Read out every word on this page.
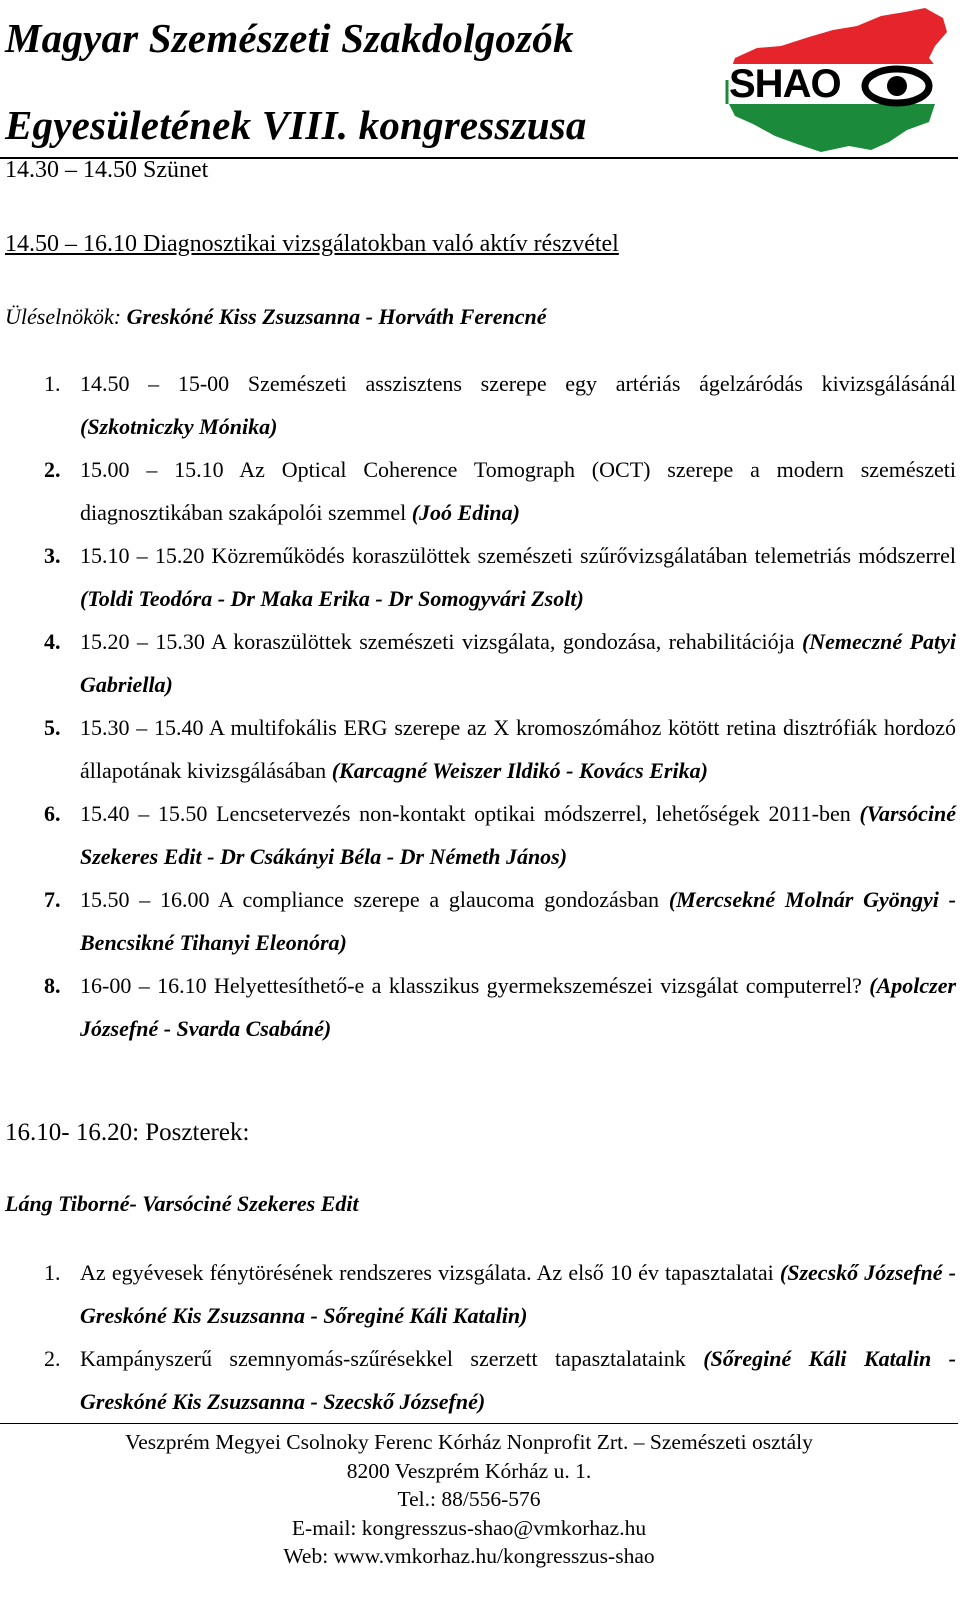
Magyar Szemészeti Szakdolgozók
Egyesületének VIII. kongresszusa
SHAO
14.30 – 14.50 Szünet
14.50 – 16.10 Diagnosztikai vizsgálatokban való aktív részvétel
Üléselnökök: Greskóné Kiss Zsuzsanna - Horváth Ferencné
1. 14.50 – 15-00 Szemészeti asszisztens szerepe egy artériás ágelzáródás kivizsgálásánál (Szkotniczky Mónika)
2. 15.00 – 15.10 Az Optical Coherence Tomograph (OCT) szerepe a modern szemészeti diagnosztikában szakápolói szemmel (Joó Edina)
3. 15.10 – 15.20 Közreműködés koraszülöttek szemészeti szűrővizsgálatában telemetriás módszerrel (Toldi Teodóra - Dr Maka Erika - Dr Somogyvári Zsolt)
4. 15.20 – 15.30 A koraszülöttek szemészeti vizsgálata, gondozása, rehabilitációja (Nemeczné Patyi Gabriella)
5. 15.30 – 15.40 A multifokális ERG szerepe az X kromoszómához kötött retina disztrófiák hordozó állapotának kivizsgálásában (Karcagné Weiszer Ildikó - Kovács Erika)
6. 15.40 – 15.50 Lencsetervezés non-kontakt optikai módszerrel, lehetőségek 2011-ben (Varsóciné Szekeres Edit - Dr Csákányi Béla - Dr Németh János)
7. 15.50 – 16.00 A compliance szerepe a glaucoma gondozásban (Mercsekné Molnár Gyöngyi - Bencsikné Tihanyi Eleonóra)
8. 16-00 – 16.10 Helyettesíthető-e a klasszikus gyermekszemészei vizsgálat computerrel? (Apolczer Józsefné - Svarda Csabáné)
16.10- 16.20: Poszterek:
Láng Tiborné- Varsóciné Szekeres Edit
1. Az egyévesek fénytörésének rendszeres vizsgálata. Az első 10 év tapasztalatai (Szecskő Józsefné - Greskóné Kis Zsuzsanna - Sőreginé Káli Katalin)
2. Kampányszerű szemnyomás-szűrésekkel szerzett tapasztalataink (Sőreginé Káli Katalin - Greskóné Kis Zsuzsanna - Szecskő Józsefné)
Veszprém Megyei Csolnoky Ferenc Kórház Nonprofit Zrt. – Szemészeti osztály
8200 Veszprém Kórház u. 1.
Tel.: 88/556-576
E-mail: kongresszus-shao@vmkorhaz.hu
Web: www.vmkorhaz.hu/kongresszus-shao
